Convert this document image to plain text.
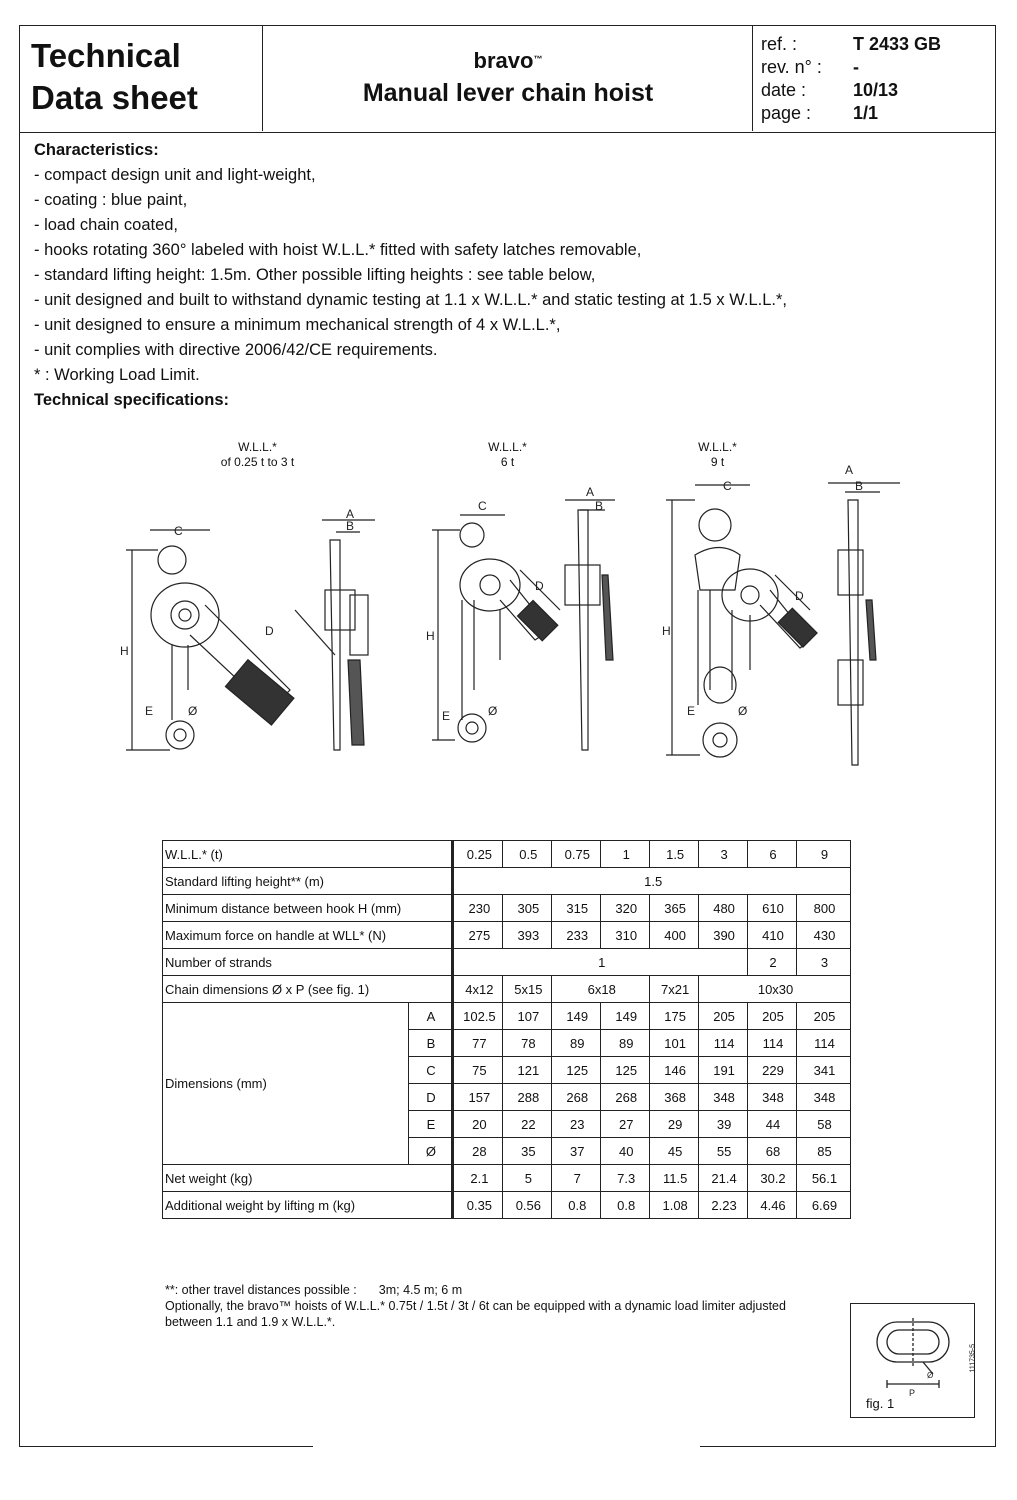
Technical
Data sheet
bravo™
Manual lever chain hoist
ref. :	T 2433 GB
rev. n° :	-
date :	10/13
page :	1/1
Characteristics:
- compact design unit and light-weight,
- coating : blue paint,
- load chain coated,
- hooks rotating 360° labeled with hoist W.L.L.* fitted with safety latches removable,
- standard lifting height: 1.5m. Other possible lifting heights : see table below,
- unit designed and built to withstand dynamic testing at 1.1 x W.L.L.* and static testing at 1.5 x W.L.L.*,
- unit designed to ensure a minimum mechanical strength of 4 x W.L.L.*,
- unit complies with directive 2006/42/CE requirements.
* : Working Load Limit.
Technical specifications:
W.L.L.*
of 0.25 t to 3 t
W.L.L.*
6 t
W.L.L.*
9 t
C
A
B
D
E
H
Ø
C
A
B
D
E
H
Ø
C
A
B
D
E
H
Ø
W.L.L.* (t)		0.25	0.5	0.75	1	1.5	3	6	9
Standard lifting height** (m)		1.5							
Minimum distance between hook H (mm)		230	305	315	320	365	480	610	800
Maximum force on handle at WLL* (N)		275	393	233	310	400	390	410	430
Number of strands		1						2	3
Chain dimensions Ø x P (see fig. 1)		4x12	5x15	6x18		7x21	10x30		
Dimensions (mm)	A	102.5	107	149	149	175	205	205	205
	B	77	78	89	89	101	114	114	114
	C	75	121	125	125	146	191	229	341
	D	157	288	268	268	368	348	348	348
	E	20	22	23	27	29	39	44	58
	Ø	28	35	37	40	45	55	68	85
Net weight (kg)		2.1	5	7	7.3	11.5	21.4	30.2	56.1
Additional weight by lifting m (kg)		0.35	0.56	0.8	0.8	1.08	2.23	4.46	6.69
**: other travel distances possible : 3m; 4.5 m; 6 m
Optionally, the bravo™ hoists of W.L.L.* 0.75t / 1.5t / 3t / 6t can be equipped with a dynamic load limiter adjusted
between 1.1 and 1.9 x W.L.L.*.
P
Ø
fig. 1
111735-5
